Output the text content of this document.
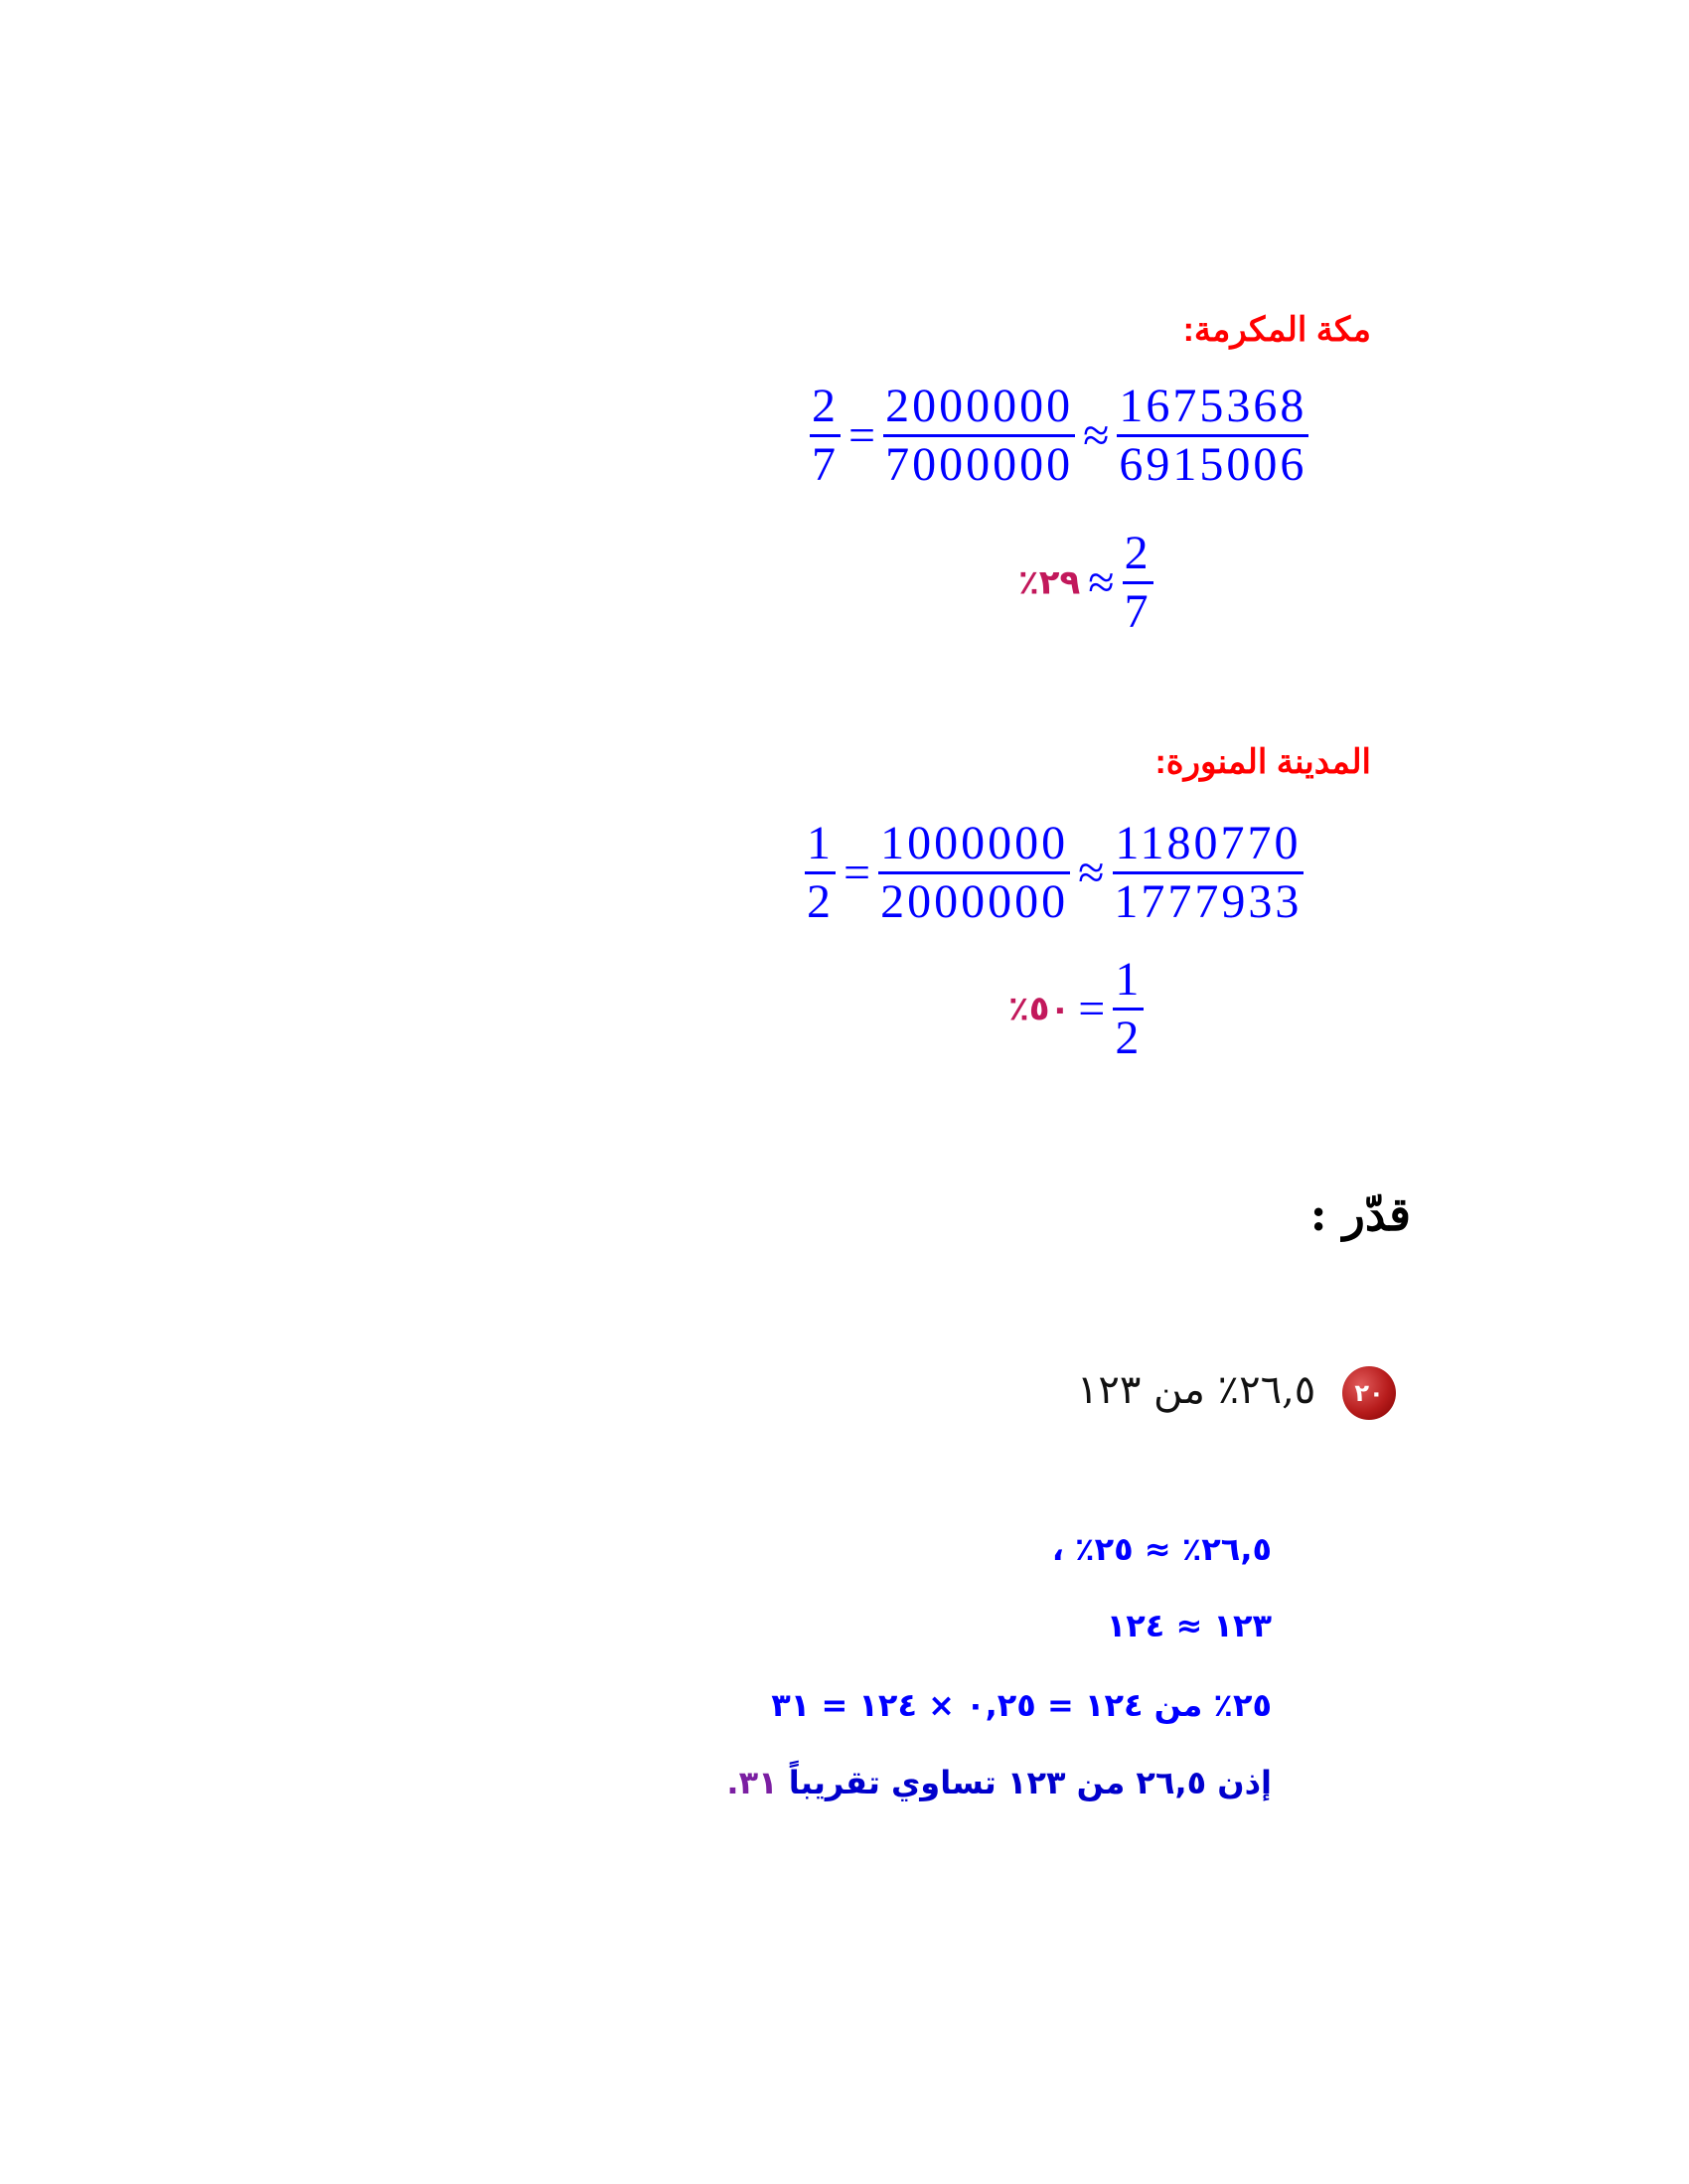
مكة المكرمة:
$\frac{2}{7} = \frac{2000000}{7000000} \approx \frac{1675368}{6915006}$
٢٩٪ ≈ $\frac{2}{7}$
المدينة المنورة:
$\frac{1}{2} = \frac{1000000}{2000000} \approx \frac{1180770}{1777933}$
٥٠٪ = $\frac{1}{2}$
قدّر :
٢٠ ٢٦,٥٪ من ١٢٣
٢٦,٥٪ ≈ ٢٥٪ ،
١٢٣ ≈ ١٢٤
٢٥٪ من ١٢٤ = ٠,٢٥ × ١٢٤ = ٣١
إذن ٢٦,٥ من ١٢٣ تساوي تقريباً ٣١.
